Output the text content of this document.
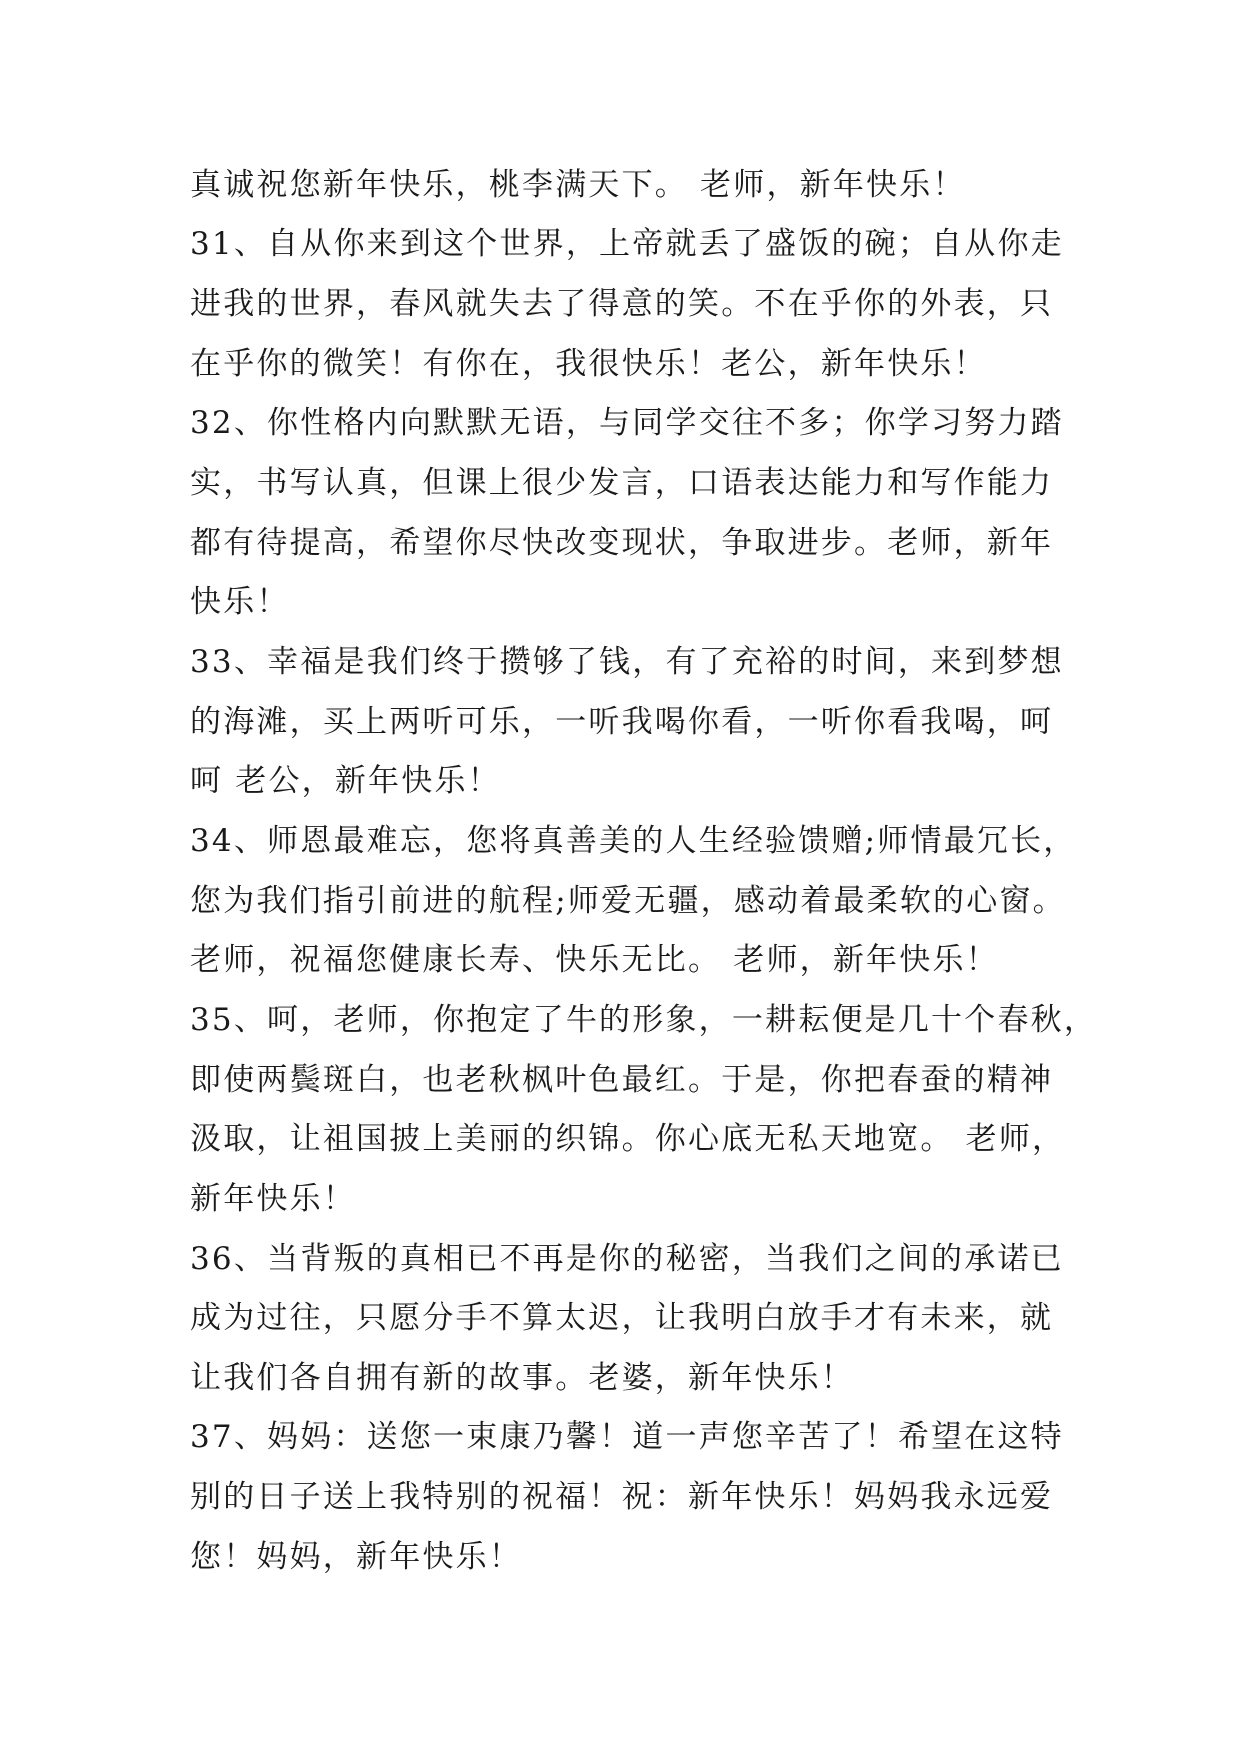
真诚祝您新年快乐，桃李满天下。 老师，新年快乐！

31、自从你来到这个世界，上帝就丢了盛饭的碗；自从你走

进我的世界，春风就失去了得意的笑。不在乎你的外表，只

在乎你的微笑！有你在，我很快乐！老公，新年快乐！

32、你性格内向默默无语，与同学交往不多；你学习努力踏

实，书写认真，但课上很少发言，口语表达能力和写作能力

都有待提高，希望你尽快改变现状，争取进步。老师，新年

快乐！

33、幸福是我们终于攒够了钱，有了充裕的时间，来到梦想

的海滩，买上两听可乐，一听我喝你看，一听你看我喝，呵

呵 老公，新年快乐！

34、师恩最难忘，您将真善美的人生经验馈赠;师情最冗长，

您为我们指引前进的航程;师爱无疆，感动着最柔软的心窗。

老师，祝福您健康长寿、快乐无比。 老师，新年快乐！

35、呵，老师，你抱定了牛的形象，一耕耘便是几十个春秋，

即使两鬓斑白，也老秋枫叶色最红。于是，你把春蚕的精神

汲取，让祖国披上美丽的织锦。你心底无私天地宽。 老师，

新年快乐！

36、当背叛的真相已不再是你的秘密，当我们之间的承诺已

成为过往，只愿分手不算太迟，让我明白放手才有未来，就

让我们各自拥有新的故事。老婆，新年快乐！

37、妈妈：送您一束康乃馨！道一声您辛苦了！希望在这特

别的日子送上我特别的祝福！祝：新年快乐！妈妈我永远爱

您！妈妈，新年快乐！
